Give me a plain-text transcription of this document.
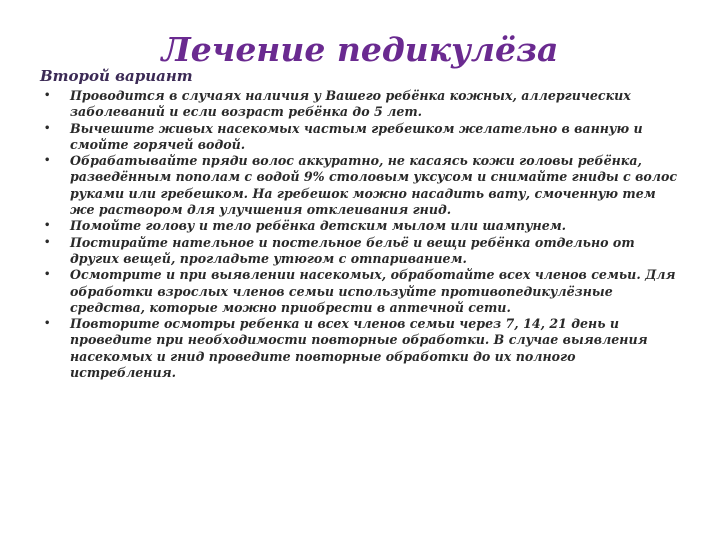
Лечение педикулёза
Второй вариант
• Проводится в случаях наличия у Вашего ребёнка кожных, аллергических заболеваний и если возраст ребёнка до 5 лет.
• Вычешите живых насекомых частым гребешком желательно в ванную и смойте горячей водой.
• Обрабатывайте пряди волос аккуратно, не касаясь кожи головы ребёнка, разведённым пополам с водой 9% столовым уксусом и снимайте гниды с волос руками или гребешком. На гребешок можно насадить вату, смоченную тем же раствором для улучшения отклеивания гнид.
• Помойте голову и тело ребёнка детским мылом или шампунем.
• Постирайте нательное и постельное бельё и вещи ребёнка отдельно от других вещей, прогладьте утюгом с отпариванием.
• Осмотрите и при выявлении насекомых, обработайте всех членов семьи. Для обработки взрослых членов семьи используйте противопедикулёзные средства, которые можно приобрести в аптечной сети.
• Повторите осмотры ребенка и всех членов семьи через 7, 14, 21 день и проведите при необходимости повторные обработки. В случае выявления насекомых и гнид проведите повторные обработки до их полного истребления.
